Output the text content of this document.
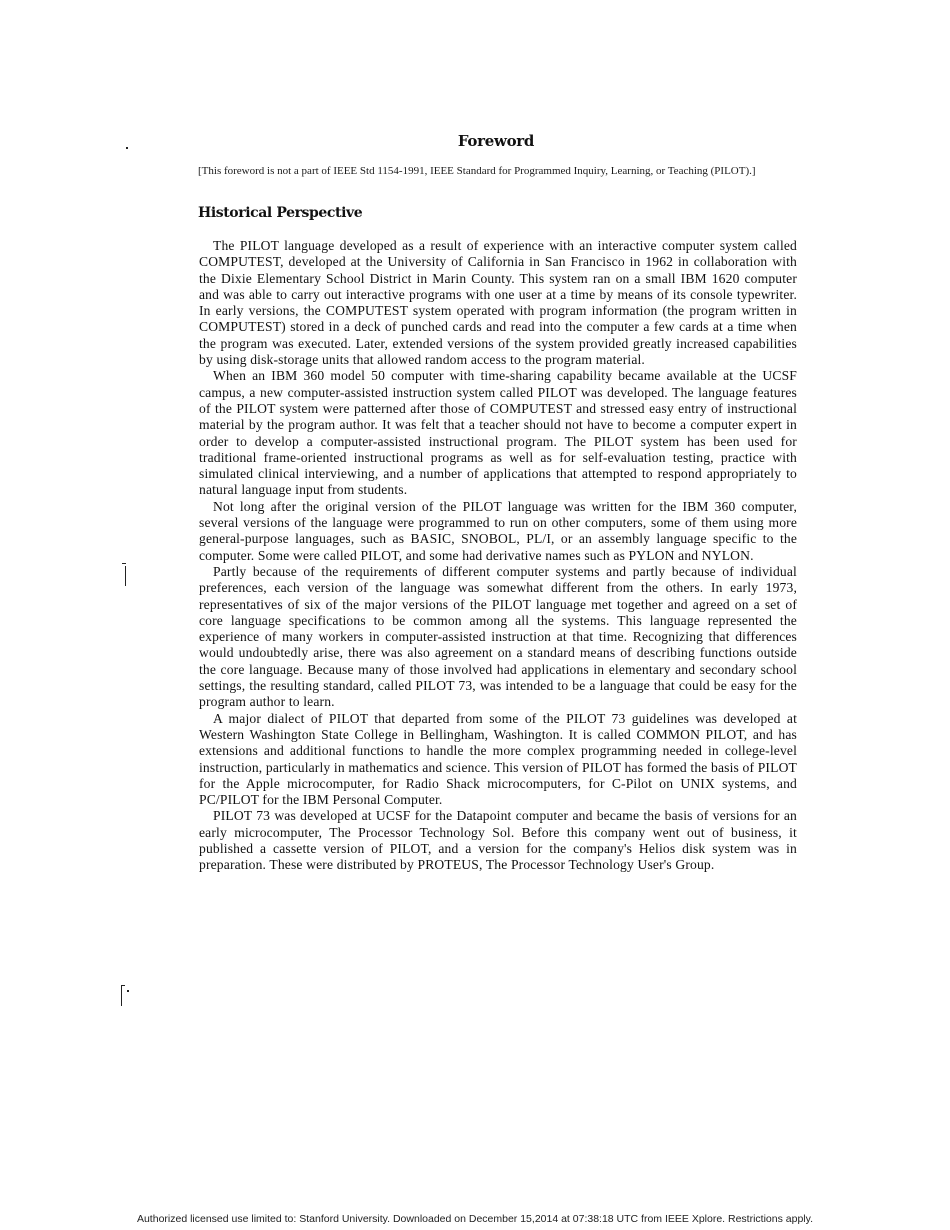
Foreword
[This foreword is not a part of IEEE Std 1154-1991, IEEE Standard for Programmed Inquiry, Learning, or Teaching (PILOT).]
Historical Perspective

The PILOT language developed as a result of experience with an interactive computer system called COMPUTEST, developed at the University of California in San Francisco in 1962 in collaboration with the Dixie Elementary School District in Marin County. This system ran on a small IBM 1620 computer and was able to carry out interactive programs with one user at a time by means of its console typewriter. In early versions, the COMPUTEST system operated with program information (the program written in COMPUTEST) stored in a deck of punched cards and read into the computer a few cards at a time when the program was executed. Later, extended versions of the system provided greatly increased capabilities by using disk-storage units that allowed random access to the program material.

When an IBM 360 model 50 computer with time-sharing capability became available at the UCSF campus, a new computer-assisted instruction system called PILOT was developed. The language features of the PILOT system were patterned after those of COMPUTEST and stressed easy entry of instructional material by the program author. It was felt that a teacher should not have to become a computer expert in order to develop a computer-assisted instructional program. The PILOT system has been used for traditional frame-oriented instructional programs as well as for self-evaluation testing, practice with simulated clinical interviewing, and a number of applications that attempted to respond appropriately to natural language input from students.

Not long after the original version of the PILOT language was written for the IBM 360 computer, several versions of the language were programmed to run on other computers, some of them using more general-purpose languages, such as BASIC, SNOBOL, PL/I, or an assembly language specific to the computer. Some were called PILOT, and some had derivative names such as PYLON and NYLON.

Partly because of the requirements of different computer systems and partly because of individual preferences, each version of the language was somewhat different from the others. In early 1973, representatives of six of the major versions of the PILOT language met together and agreed on a set of core language specifications to be common among all the systems. This language represented the experience of many workers in computer-assisted instruction at that time. Recognizing that differences would undoubtedly arise, there was also agreement on a standard means of describing functions outside the core language. Because many of those involved had applications in elementary and secondary school settings, the resulting standard, called PILOT 73, was intended to be a language that could be easy for the program author to learn.

A major dialect of PILOT that departed from some of the PILOT 73 guidelines was developed at Western Washington State College in Bellingham, Washington. It is called COMMON PILOT, and has extensions and additional functions to handle the more complex programming needed in college-level instruction, particularly in mathematics and science. This version of PILOT has formed the basis of PILOT for the Apple microcomputer, for Radio Shack microcomputers, for C-Pilot on UNIX systems, and PC/PILOT for the IBM Personal Computer.

PILOT 73 was developed at UCSF for the Datapoint computer and became the basis of versions for an early microcomputer, The Processor Technology Sol. Before this company went out of business, it published a cassette version of PILOT, and a version for the company's Helios disk system was in preparation. These were distributed by PROTEUS, The Processor Technology User's Group.

Authorized licensed use limited to: Stanford University. Downloaded on December 15,2014 at 07:38:18 UTC from IEEE Xplore. Restrictions apply.
